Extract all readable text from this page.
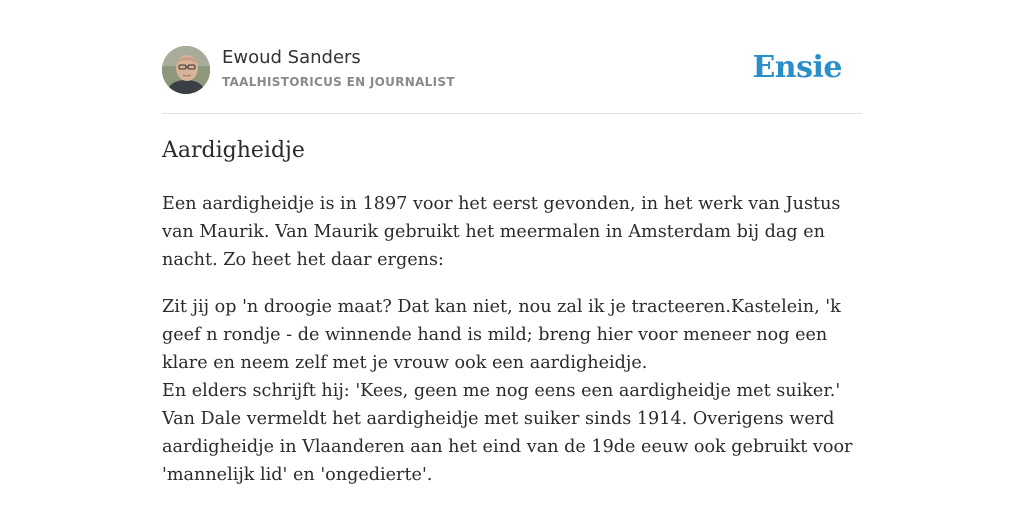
Ewoud Sanders
TAALHISTORICUS EN JOURNALIST	Ensie
Aardigheidje
Een aardigheidje is in 1897 voor het eerst gevonden, in het werk van Justus van Maurik. Van Maurik gebruikt het meermalen in Amsterdam bij dag en nacht. Zo heet het daar ergens:
Zit jij op 'n droogie maat? Dat kan niet, nou zal ik je tracteeren.Kastelein, 'k geef n rondje - de winnende hand is mild; breng hier voor meneer nog een klare en neem zelf met je vrouw ook een aardigheidje.
En elders schrijft hij: 'Kees, geen me nog eens een aardigheidje met suiker.' Van Dale vermeldt het aardigheidje met suiker sinds 1914. Overigens werd aardigheidje in Vlaanderen aan het eind van de 19de eeuw ook gebruikt voor 'mannelijk lid' en 'ongedierte'.
